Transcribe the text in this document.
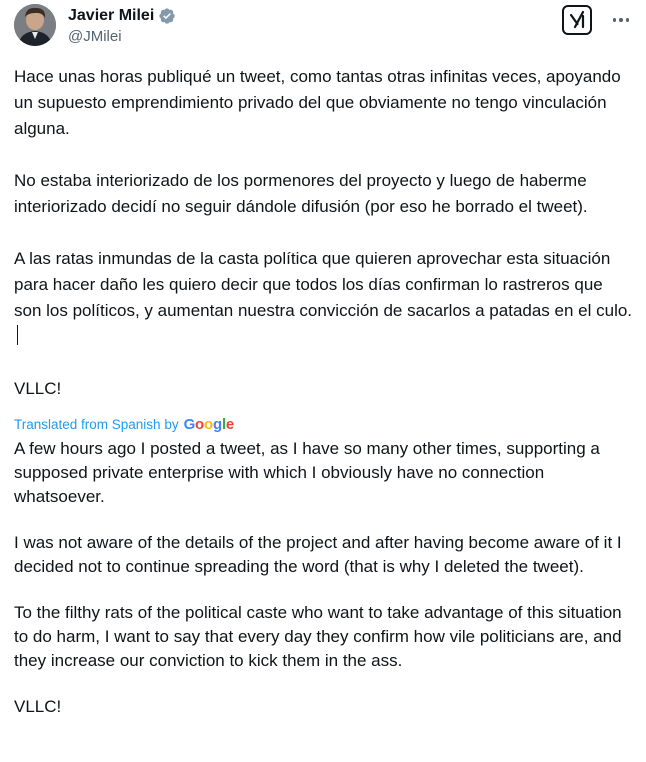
Javier Milei
@JMilei

Hace unas horas publiqué un tweet, como tantas otras infinitas veces, apoyando un supuesto emprendimiento privado del que obviamente no tengo vinculación alguna.

No estaba interiorizado de los pormenores del proyecto y luego de haberme interiorizado decidí no seguir dándole difusión (por eso he borrado el tweet).

A las ratas inmundas de la casta política que quieren aprovechar esta situación para hacer daño les quiero decir que todos los días confirman lo rastreros que son los políticos, y aumentan nuestra convicción de sacarlos a patadas en el culo.

VLLC!

Translated from Spanish by Google

A few hours ago I posted a tweet, as I have so many other times, supporting a supposed private enterprise with which I obviously have no connection whatsoever.

I was not aware of the details of the project and after having become aware of it I decided not to continue spreading the word (that is why I deleted the tweet).

To the filthy rats of the political caste who want to take advantage of this situation to do harm, I want to say that every day they confirm how vile politicians are, and they increase our conviction to kick them in the ass.

VLLC!
